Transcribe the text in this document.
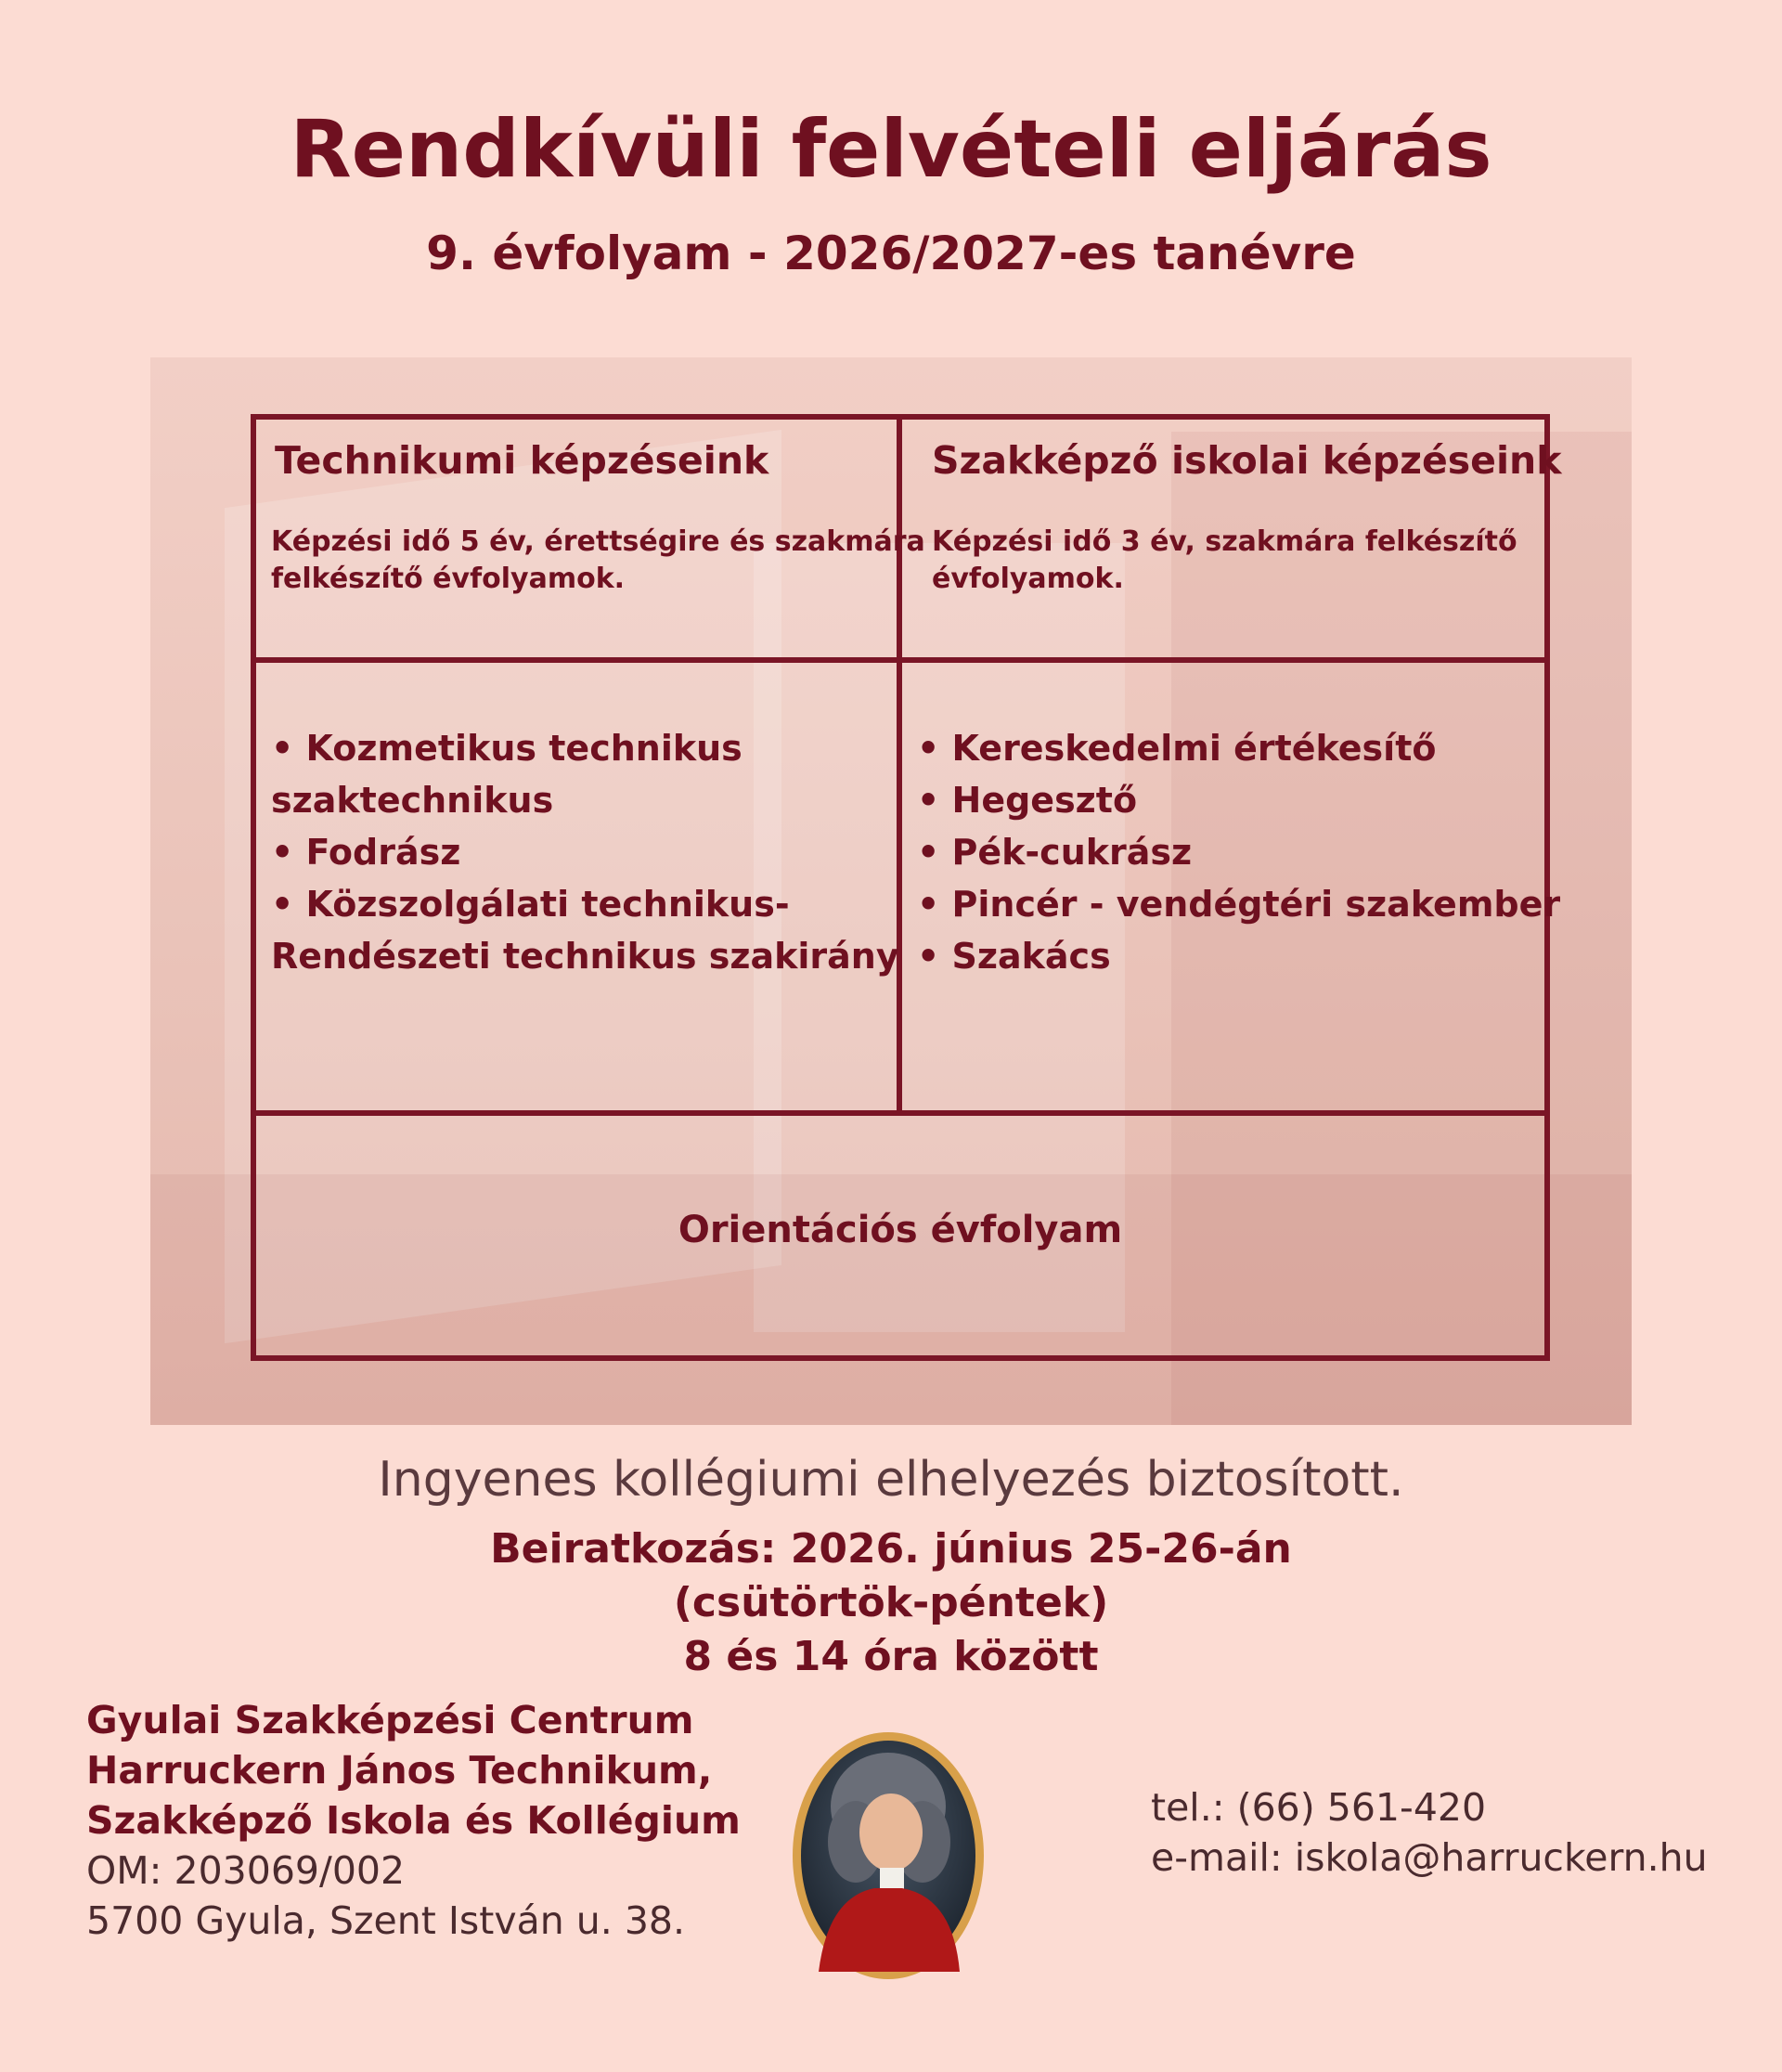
Rendkívüli felvételi eljárás
9. évfolyam - 2026/2027-es tanévre
Technikumi képzéseink
Képzési idő 5 év, érettségire és szakmára
felkészítő évfolyamok.
Szakképző iskolai képzéseink
Képzési idő 3 év, szakmára felkészítő
évfolyamok.
• Kozmetikus technikus
szaktechnikus
• Fodrász
• Közszolgálati technikus-
Rendészeti technikus szakirány
• Kereskedelmi értékesítő
• Hegesztő
• Pék-cukrász
• Pincér - vendégtéri szakember
• Szakács
Orientációs évfolyam
Ingyenes kollégiumi elhelyezés biztosított.
Beiratkozás: 2026. június 25-26-án
(csütörtök-péntek)
8 és 14 óra között
Gyulai Szakképzési Centrum
Harruckern János Technikum,
Szakképző Iskola és Kollégium
OM: 203069/002
5700 Gyula, Szent István u. 38.
tel.: (66) 561-420
e-mail: iskola@harruckern.hu
